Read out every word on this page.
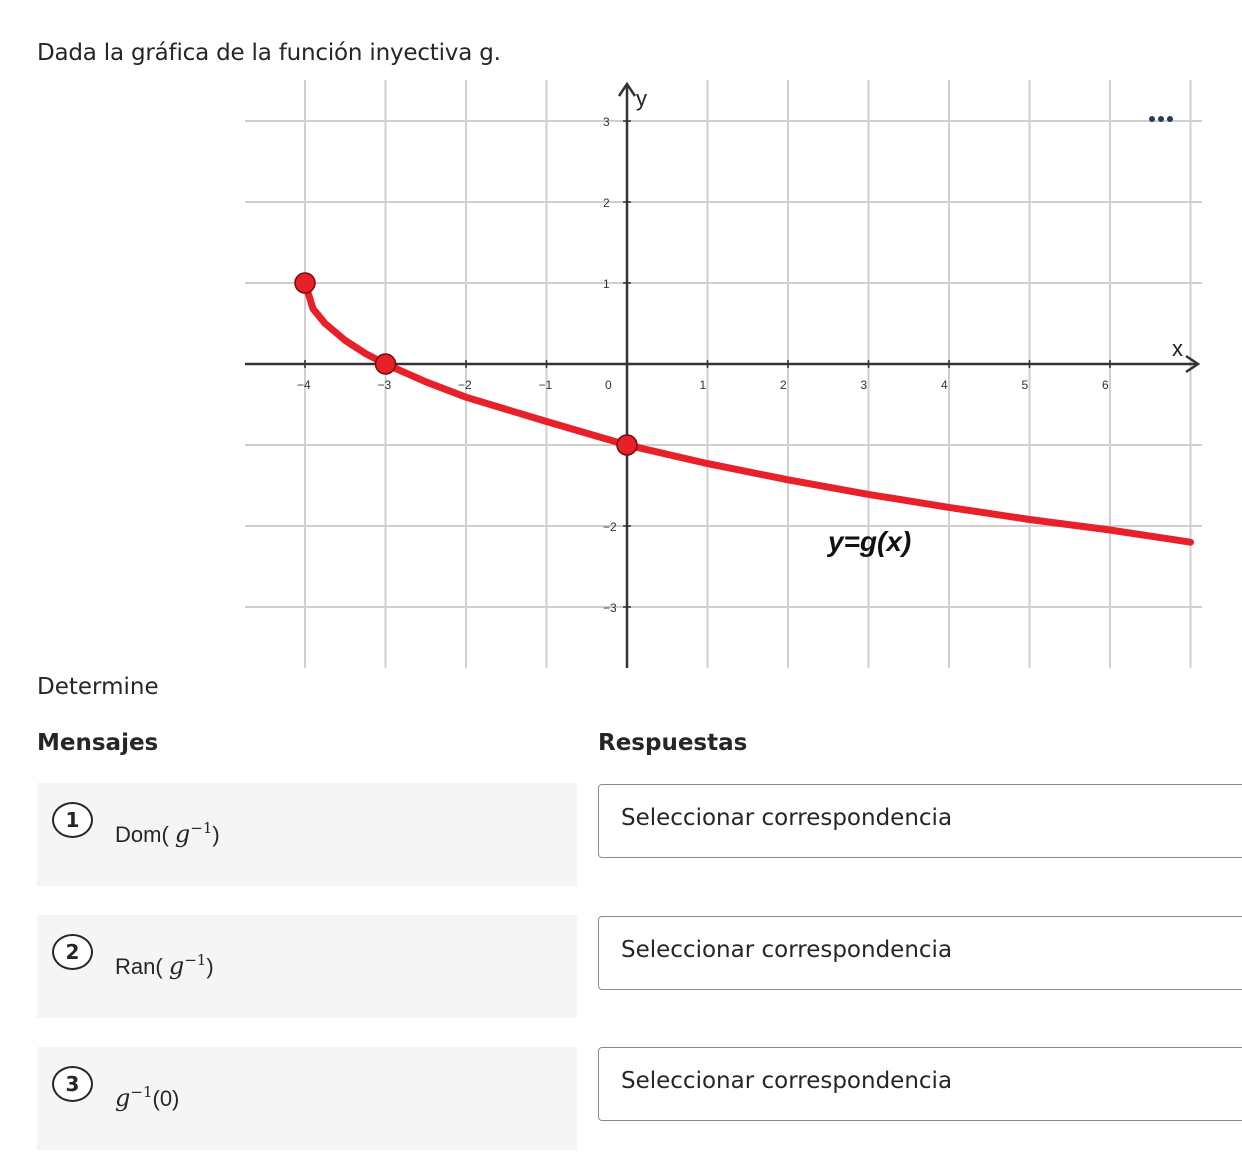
Dada la gráfica de la función inyectiva g.
x
y
−4	−3	−2	−1	0	1	2	3	4	5	6
3
2
1
−2
−3
y=g(x)
Determine
Mensajes	Respuestas
1
Dom( $g^{-1}$)
Seleccionar correspondencia
2
Ran( $g^{-1}$)
Seleccionar correspondencia
3	$g^{-1}(0)$
Seleccionar correspondencia
